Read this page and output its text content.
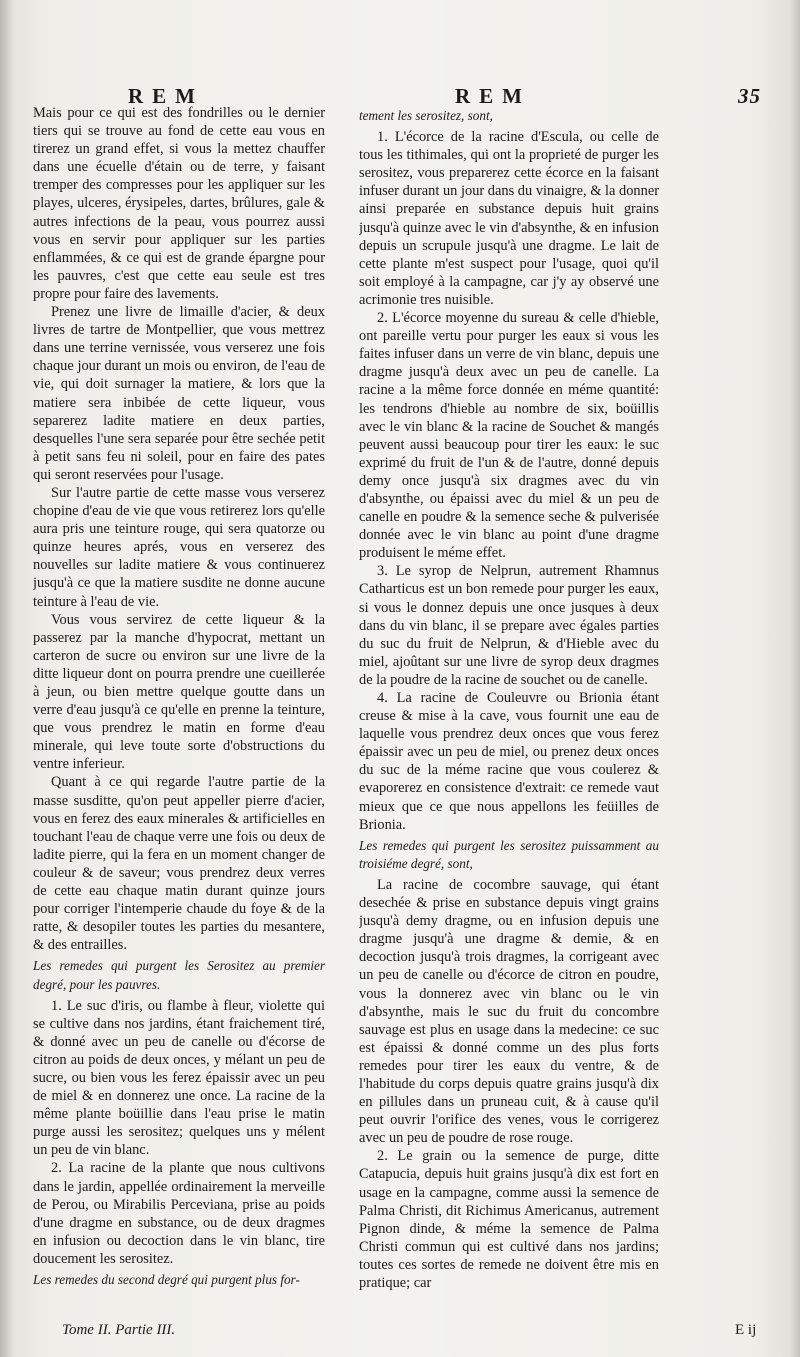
REM	REM	35

Mais pour ce qui est des fondrilles ou le dernier tiers qui se trouve au fond de cette eau vous en tirerez un grand effet, si vous la mettez chauffer dans une écuelle d'étain ou de terre, y faisant tremper des compresses pour les appliquer sur les playes, ulceres, érysipeles, dartes, brûlures, gale & autres infections de la peau, vous pourrez aussi vous en servir pour appliquer sur les parties enflammées, & ce qui est de grande épargne pour les pauvres, c'est que cette eau seule est tres propre pour faire des lavements.

Prenez une livre de limaille d'acier, & deux livres de tartre de Montpellier, que vous mettrez dans une terrine vernissée, vous verserez une fois chaque jour durant un mois ou environ, de l'eau de vie, qui doit surnager la matiere, & lors que la matiere sera inbibée de cette liqueur, vous separerez ladite matiere en deux parties, desquelles l'une sera separée pour être sechée petit à petit sans feu ni soleil, pour en faire des pates qui seront reservées pour l'usage.

Sur l'autre partie de cette masse vous verserez chopine d'eau de vie que vous retirerez lors qu'elle aura pris une teinture rouge, qui sera quatorze ou quinze heures aprés, vous en verserez des nouvelles sur ladite matiere & vous continuerez jusqu'à ce que la matiere susdite ne donne aucune teinture à l'eau de vie.

Vous vous servirez de cette liqueur & la passerez par la manche d'hypocrat, mettant un carteron de sucre ou environ sur une livre de la ditte liqueur dont on pourra prendre une cueillerée à jeun, ou bien mettre quelque goutte dans un verre d'eau jusqu'à ce qu'elle en prenne la teinture, que vous prendrez le matin en forme d'eau minerale, qui leve toute sorte d'obstructions du ventre inferieur.

Quant à ce qui regarde l'autre partie de la masse susditte, qu'on peut appeller pierre d'acier, vous en ferez des eaux minerales & artificielles en touchant l'eau de chaque verre une fois ou deux de ladite pierre, qui la fera en un moment changer de couleur & de saveur; vous prendrez deux verres de cette eau chaque matin durant quinze jours pour corriger l'intemperie chaude du foye & de la ratte, & desopiler toutes les parties du mesantere, & des entrailles.

Les remedes qui purgent les Serositez au premier degré, pour les pauvres.

1. Le suc d'iris, ou flambe à fleur, violette qui se cultive dans nos jardins, étant fraichement tiré, & donné avec un peu de canelle ou d'écorse de citron au poids de deux onces, y mélant un peu de sucre, ou bien vous les ferez épaissir avec un peu de miel & en donnerez une once. La racine de la même plante boüillie dans l'eau prise le matin purge aussi les serositez; quelques uns y mélent un peu de vin blanc.

2. La racine de la plante que nous cultivons dans le jardin, appellée ordinairement la merveille de Perou, ou Mirabilis Perceviana, prise au poids d'une dragme en substance, ou de deux dragmes en infusion ou decoction dans le vin blanc, tire doucement les serositez.

Les remedes du second degré qui purgent plus for-

tement les serositez, sont,

1. L'écorce de la racine d'Escula, ou celle de tous les tithimales, qui ont la proprieté de purger les serositez, vous preparerez cette écorce en la faisant infuser durant un jour dans du vinaigre, & la donner ainsi preparée en substance depuis huit grains jusqu'à quinze avec le vin d'absynthe, & en infusion depuis un scrupule jusqu'à une dragme. Le lait de cette plante m'est suspect pour l'usage, quoi qu'il soit employé à la campagne, car j'y ay observé une acrimonie tres nuisible.

2. L'écorce moyenne du sureau & celle d'hieble, ont pareille vertu pour purger les eaux si vous les faites infuser dans un verre de vin blanc, depuis une dragme jusqu'à deux avec un peu de canelle. La racine a la même force donnée en méme quantité: les tendrons d'hieble au nombre de six, boüillis avec le vin blanc & la racine de Souchet & mangés peuvent aussi beaucoup pour tirer les eaux: le suc exprimé du fruit de l'un & de l'autre, donné depuis demy once jusqu'à six dragmes avec du vin d'absynthe, ou épaissi avec du miel & un peu de canelle en poudre & la semence seche & pulverisée donnée avec le vin blanc au point d'une dragme produisent le méme effet.

3. Le syrop de Nelprun, autrement Rhamnus Catharticus est un bon remede pour purger les eaux, si vous le donnez depuis une once jusques à deux dans du vin blanc, il se prepare avec égales parties du suc du fruit de Nelprun, & d'Hieble avec du miel, ajoûtant sur une livre de syrop deux dragmes de la poudre de la racine de souchet ou de canelle.

4. La racine de Couleuvre ou Brionia étant creuse & mise à la cave, vous fournit une eau de laquelle vous prendrez deux onces que vous ferez épaissir avec un peu de miel, ou prenez deux onces du suc de la méme racine que vous coulerez & evaporerez en consistence d'extrait: ce remede vaut mieux que ce que nous appellons les feüilles de Brionia.

Les remedes qui purgent les serositez puissamment au troisiéme degré, sont,

La racine de cocombre sauvage, qui étant desechée & prise en substance depuis vingt grains jusqu'à demy dragme, ou en infusion depuis une dragme jusqu'à une dragme & demie, & en decoction jusqu'à trois dragmes, la corrigeant avec un peu de canelle ou d'écorce de citron en poudre, vous la donnerez avec vin blanc ou le vin d'absynthe, mais le suc du fruit du concombre sauvage est plus en usage dans la medecine: ce suc est épaissi & donné comme un des plus forts remedes pour tirer les eaux du ventre, & de l'habitude du corps depuis quatre grains jusqu'à dix en pillules dans un pruneau cuit, & à cause qu'il peut ouvrir l'orifice des venes, vous le corrigerez avec un peu de poudre de rose rouge.

2. Le grain ou la semence de purge, ditte Catapucia, depuis huit grains jusqu'à dix est fort en usage en la campagne, comme aussi la semence de Palma Christi, dit Richimus Americanus, autrement Pignon dinde, & méme la semence de Palma Christi commun qui est cultivé dans nos jardins; toutes ces sortes de remede ne doivent être mis en pratique; car

Tome II. Partie III.	E ij
